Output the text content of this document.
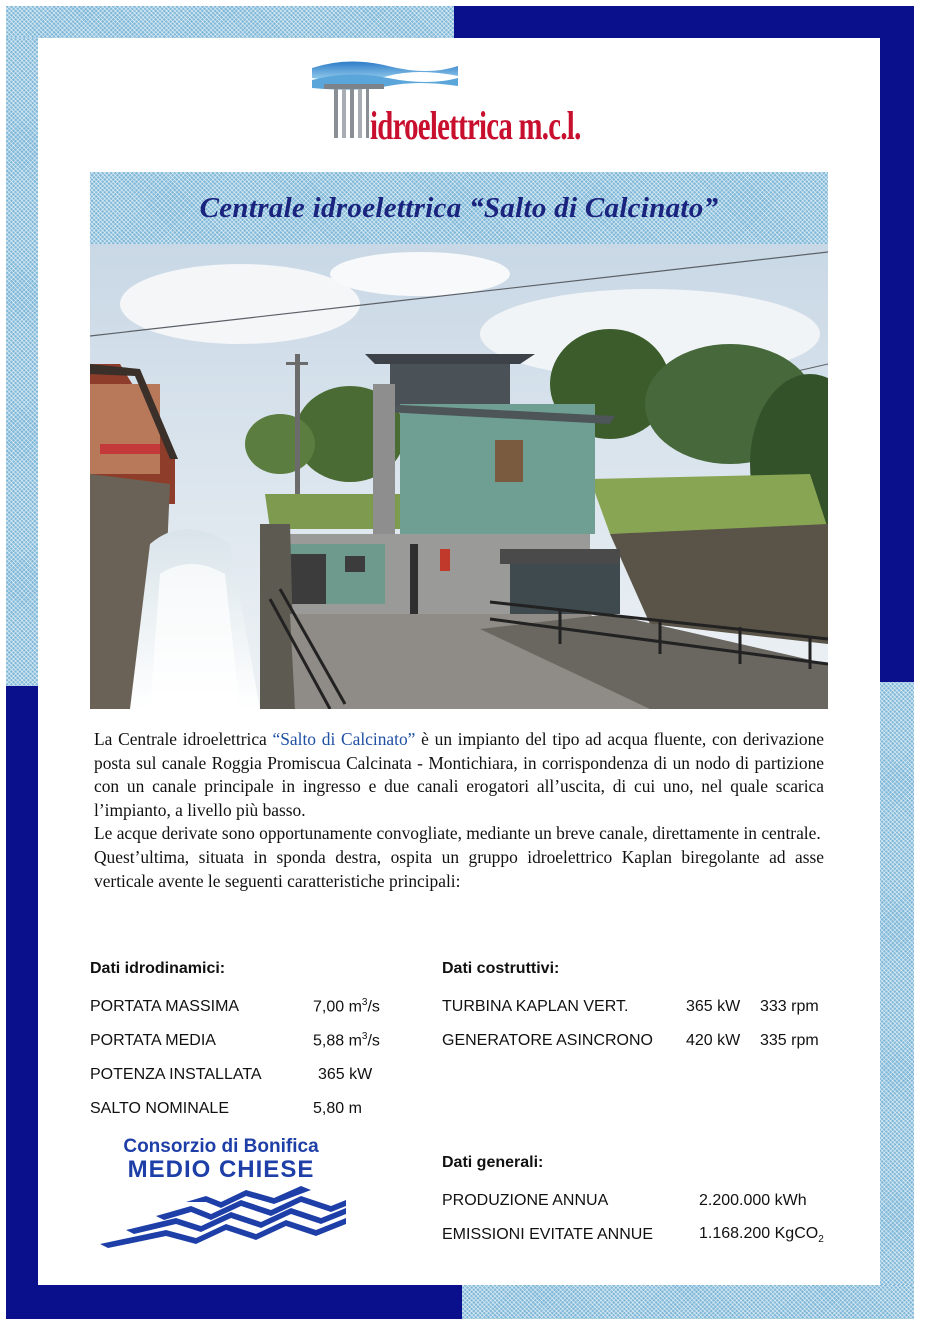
idroelettrica m.c.l.
Centrale idroelettrica “Salto di Calcinato”

La Centrale idroelettrica “Salto di Calcinato” è un impianto del tipo ad acqua fluente, con derivazione posta sul canale Roggia Promiscua Calcinata - Montichiara, in corrispondenza di un nodo di partizione con un canale principale in ingresso e due canali erogatori all’uscita, di cui uno, nel quale scarica l’impianto, a livello più basso.

Le acque derivate sono opportunamente convogliate, mediante un breve canale, direttamente in centrale.

Quest’ultima, situata in sponda destra, ospita un gruppo idroelettrico Kaplan biregolante ad asse verticale avente le seguenti caratteristiche principali:

Dati idrodinamici:
PORTATA MASSIMA	7,00 $m^3/s$
PORTATA MEDIA	5,88 $m^3/s$
POTENZA INSTALLATA	365 kW
SALTO NOMINALE	5,80 m
Dati costruttivi:
TURBINA KAPLAN VERT.	365 kW 333 rpm
GENERATORE ASINCRONO 420 kW 335 rpm
Dati generali:
PRODUZIONE ANNUA	2.200.000 kWh
EMISSIONI EVITATE ANNUE	1.168.200 KgCO$_2$
Consorzio di Bonifica
MEDIO CHIESE
